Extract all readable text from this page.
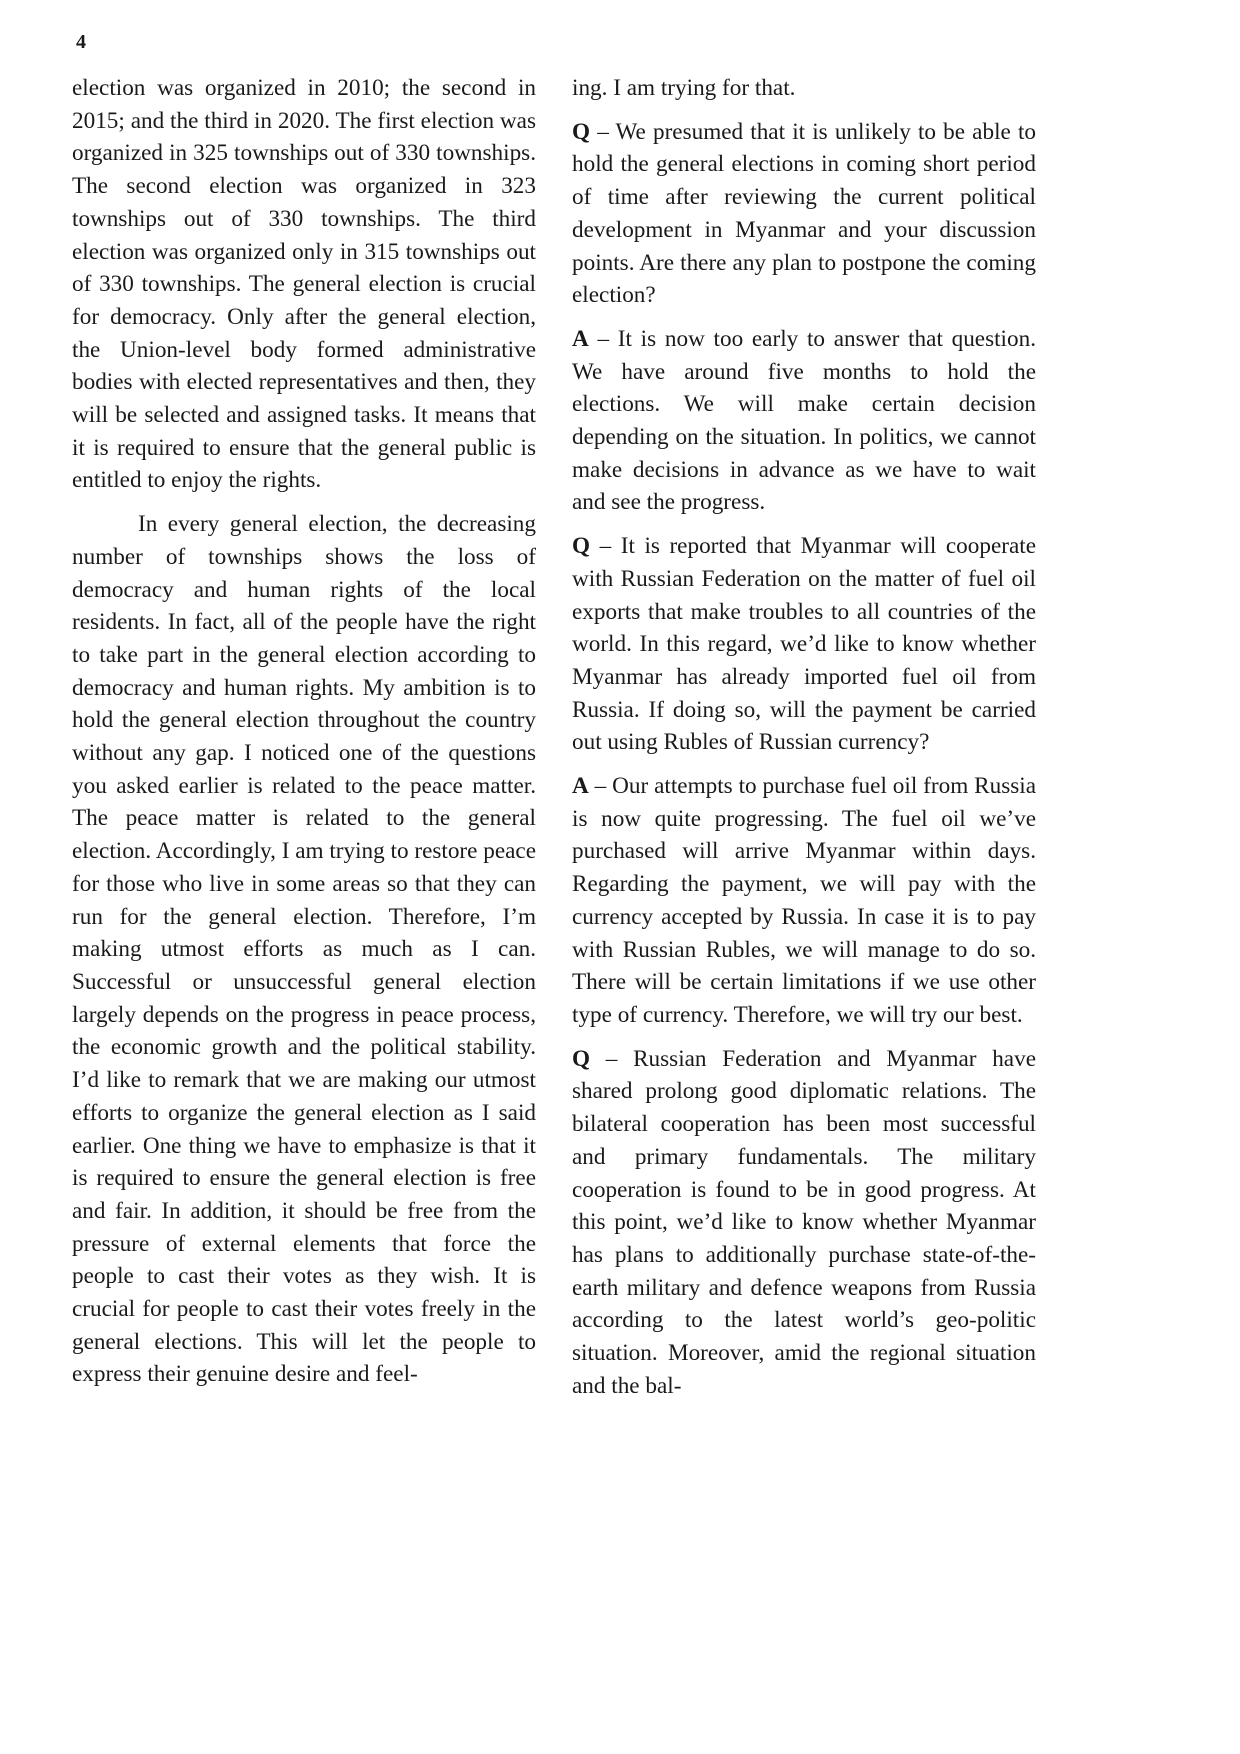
4

election was organized in 2010; the second in 2015; and the third in 2020. The first election was organized in 325 townships out of 330 townships. The second election was organized in 323 townships out of 330 townships. The third election was organized only in 315 townships out of 330 townships. The general election is crucial for democracy. Only after the general election, the Union-level body formed administrative bodies with elected representatives and then, they will be selected and assigned tasks. It means that it is required to ensure that the general public is entitled to enjoy the rights.

In every general election, the decreasing number of townships shows the loss of democracy and human rights of the local residents. In fact, all of the people have the right to take part in the general election according to democracy and human rights. My ambition is to hold the general election throughout the country without any gap. I noticed one of the questions you asked earlier is related to the peace matter. The peace matter is related to the general election. Accordingly, I am trying to restore peace for those who live in some areas so that they can run for the general election. Therefore, I’m making utmost efforts as much as I can. Successful or unsuccessful general election largely depends on the progress in peace process, the economic growth and the political stability. I’d like to remark that we are making our utmost efforts to organize the general election as I said earlier. One thing we have to emphasize is that it is required to ensure the general election is free and fair. In addition, it should be free from the pressure of external elements that force the people to cast their votes as they wish. It is crucial for people to cast their votes freely in the general elections. This will let the people to express their genuine desire and feel-

ing. I am trying for that.

Q – We presumed that it is unlikely to be able to hold the general elections in coming short period of time after reviewing the current political development in Myanmar and your discussion points. Are there any plan to postpone the coming election?

A – It is now too early to answer that question. We have around five months to hold the elections. We will make certain decision depending on the situation. In politics, we cannot make decisions in advance as we have to wait and see the progress.

Q – It is reported that Myanmar will cooperate with Russian Federation on the matter of fuel oil exports that make troubles to all countries of the world. In this regard, we’d like to know whether Myanmar has already imported fuel oil from Russia. If doing so, will the payment be carried out using Rubles of Russian currency?

A – Our attempts to purchase fuel oil from Russia is now quite progressing. The fuel oil we’ve purchased will arrive Myanmar within days. Regarding the payment, we will pay with the currency accepted by Russia. In case it is to pay with Russian Rubles, we will manage to do so. There will be certain limitations if we use other type of currency. Therefore, we will try our best.

Q – Russian Federation and Myanmar have shared prolong good diplomatic relations. The bilateral cooperation has been most successful and primary fundamentals. The military cooperation is found to be in good progress. At this point, we’d like to know whether Myanmar has plans to additionally purchase state-of-the-earth military and defence weapons from Russia according to the latest world’s geo-politic situation. Moreover, amid the regional situation and the bal-
